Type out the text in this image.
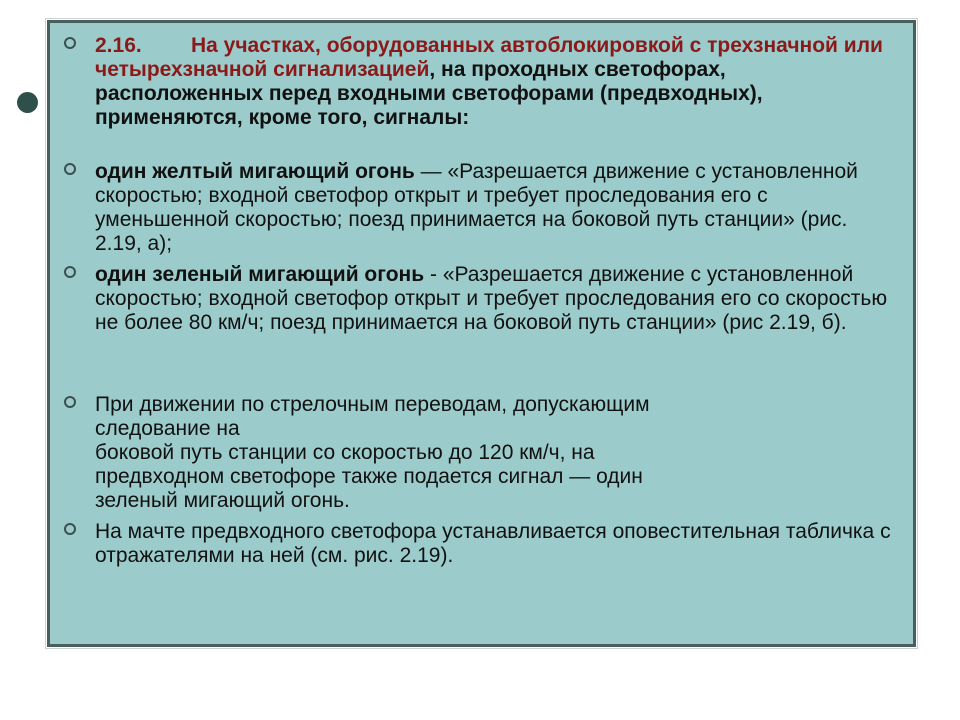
2.16. На участках, оборудованных автоблокировкой с трехзначной или четырехзначной сигнализацией, на проходных светофорах, расположенных перед входными светофорами (предвходных), применяются, кроме того, сигналы:
один желтый мигающий огонь — «Разрешается движение с установленной скоростью; входной светофор открыт и требует проследования его с уменьшенной скоростью; поезд принимается на боковой путь станции» (рис. 2.19, а);
один зеленый мигающий огонь - «Разрешается движение с установленной скоростью; входной светофор открыт и требует проследования его со скоростью не более 80 км/ч; поезд принимается на боковой путь станции» (рис 2.19, б).
При движении по стрелочным переводам, допускающим
следование на
боковой путь станции со скоростью до 120 км/ч, на
предвходном светофоре также подается сигнал — один
зеленый мигающий огонь.
На мачте предвходного светофора устанавливается оповестительная табличка с отражателями на ней (см. рис. 2.19).
